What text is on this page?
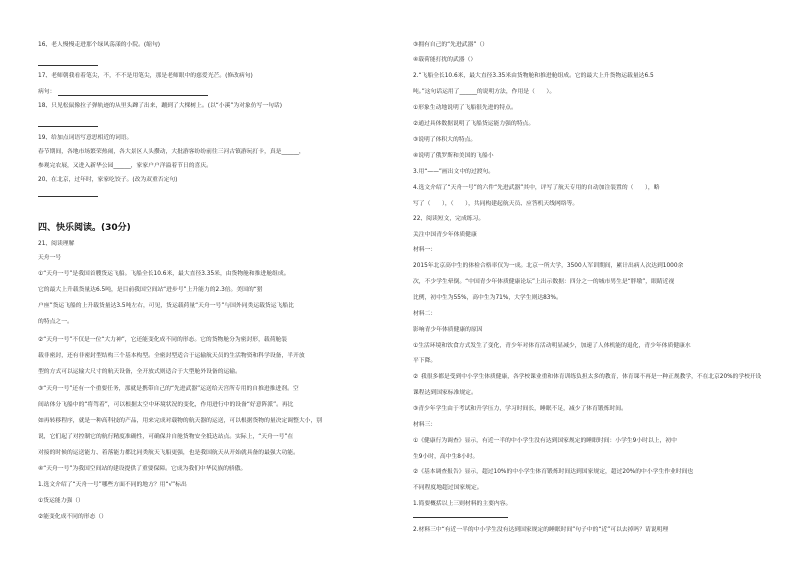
16、老人慢慢走进那个绿风荡漾的小院。(缩句)
17、老师朝我看着笔尖，不，不不是用笔尖，那是老师眼中的慈爱光芒。(修改病句)
病句：
18、只见松鼠像拉子弹轨迹的从里头蹿了出来，蹦到了大棵树上。(以“小溪”为对象仿写一句话)
19、给加点词语写意思相近的词语。
春节期间，各地市场繁荣热闹，各大景区人头攒动，大批游客纷纷前往三河古镇游玩打卡，真是______，
参观完农展，又进入新华公园______，家家户户洋溢着节日的喜庆。
20、在北京，过年时，家家吃饺子。(改为双重否定句)
四、快乐阅读。(30分)
21、阅读理解
天舟一号
①“天舟一号”是我国首艘货运飞船。飞船全长10.6米，最大直径3.35米，由货物舱和推进舱组成。
它的最大上升载货量达6.5吨，是目前我国空间站“进步号”上升能力的2.3倍。美国的“猎
户座”货运飞船的上升载货量达3.5吨左右，可见，货运载荷量“天舟一号”与国外同类运载货运飞船比
的特点之一。
②“天舟一号”不仅是一位“大力神”，它还能变化成不同的形态。它的货物舱分为密封形，载荷舱装
载非密封，还有非密封型结构三个基本构型。全密封型适合于运输航天员的生活物资和科学设备，半开放
型的方式可以运输大尺寸的航天设备，全开放式则适合于大型舱外设备的运输。
③“天舟一号”还有一个重要任务，那就是携带自己的“先进武器”运送给天宫所专用的自推进推进剂。空
间站体分飞船中的“将驾着”，可以根据太空中环境状况的变化，作用进行中的设备“好意阵派”。再比
如再转移程序，就是一种高科技的产品，用来完成对载物的航天器的运送，可以根据货物的量决定调整大小，别
说，它们起了对控制它的航行精度准确性，可确保并自舱货物安全抵达站点。实际上，“天舟一号”在
对接的时候的运送能力、着落能力都比同类航天飞船更强，也是我国航天从开始就具备的最强大功能。
④“天舟一号”为我国空间站的建设提供了重要保障。它成为我们中华民族的骄傲。
1.选文介绍了“天舟一号”哪些方面不同的地方？用“√”标出
①货运能力强（）
②能变化成不同的形态（）
③拥有自己的“先进武器”（）
④载荷能打扰的武器（）
2.“飞船全长10.6米，最大直径3.35米由货物舱和推进舱组成。它的最大上升货物运载量达6.5
吨。”这句话运用了______的说明方法，作用是（　　）。
①形象生动地说明了飞船很先进的特点。
②通过具体数据说明了飞船货运能力强的特点。
③说明了体积大的特点。
④说明了俄罗斯和美国的飞船小
3.用“——”画出文中的过渡句。
4.选文介绍了“天舟一号”的六件“先进武器”其中，评写了航天专用的自动加注装置的（　　），略
写了（　　），（　　），共同构建起航天员、应答机天线网络等。
22、阅读短文，完成练习。
关注中国青少年体质健康
材料一：
2015年北京高中生的体检合格率仅为一成。北京一所大学，3500人军训期间，累计出病人次达到1000余
次，不少学生晕倒。“中国青少年体质健康论坛”上出示数据：四分之一的城市男生是“胖墩”，眼睛近视
比例，初中生为55%，高中生为71%，大学生则达83%。
材料二：
影响青少年体质健康的原因
①生活环境和饮食方式发生了变化，青少年对体育活动明显减少，加速了人体机能的退化，青少年体质健康水
平下降。
② 我很多都是受到中小学生体质健康，各学校课业重和体育训练负担太多的教育，体育课不再是一种正规教学，不在北京20%的学校开设
课程达到国家标准规定。
③青少年学生由于考试和升学压力，学习时间长，睡眠不足，减少了体育锻炼时间。
材料三：
①《健康行为调查》显示，有近一半的中小学生没有达到国家规定的睡眠时间：小学生9小时以上，初中
生9小时，高中生8小时。
②《基本调查报告》显示，超过10%的中小学生体育锻炼时间达到国家规定，超过20%的中小学生作业时间也
不同程度地超过国家规定。
1.简要概括以上三则材料的主要内容。
2.材料三中“有近一半的中小学生没有达到国家规定的睡眠时间”句子中的“近”可以去掉吗？请说明理
